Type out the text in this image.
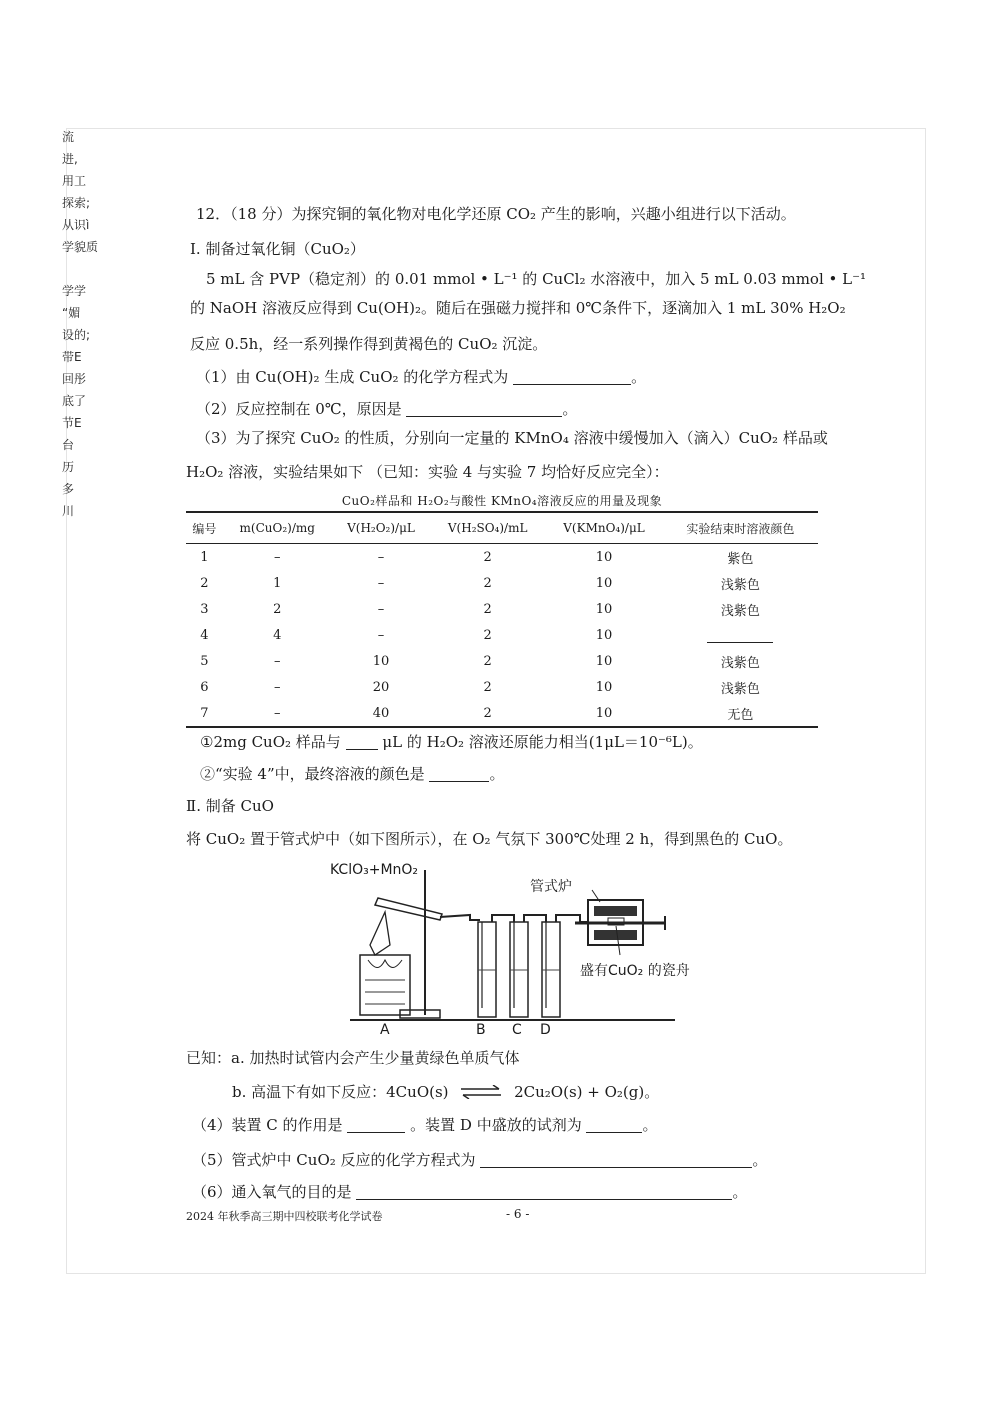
流
进,
用工
探索;
从识ì
学貌质
学学
“媚
设的;
带E
回彤
底了
节E
台
历
多
川
12．（18 分）为探究铜的氧化物对电化学还原 CO₂ 产生的影响，兴趣小组进行以下活动。
Ⅰ. 制备过氧化铜（CuO₂）
5 mL 含 PVP（稳定剂）的 0.01 mmol • L⁻¹ 的 CuCl₂ 水溶液中，加入 5 mL 0.03 mmol • L⁻¹
的 NaOH 溶液反应得到 Cu(OH)₂。随后在强磁力搅拌和 0℃条件下，逐滴加入 1 mL 30% H₂O₂
反应 0.5h，经一系列操作得到黄褐色的 CuO₂ 沉淀。
（1）由 Cu(OH)₂ 生成 CuO₂ 的化学方程式为	。
（2）反应控制在 0℃，原因是	。
（3）为了探究 CuO₂ 的性质，分别向一定量的 KMnO₄ 溶液中缓慢加入（滴入）CuO₂ 样品或
H₂O₂ 溶液，实验结果如下 （已知：实验 4 与实验 7 均恰好反应完全）：
CuO₂样品和 H₂O₂与酸性 KMnO₄溶液反应的用量及现象
编号	m(CuO₂)/mg	V(H₂O₂)/μL	V(H₂SO₄)/mL	V(KMnO₄)/μL	实验结束时溶液颜色
1	–	–	2	10	紫色
2	1	–	2	10	浅紫色
3	2	–	2	10	浅紫色
4	4	–	2	10	
5	–	10	2	10	浅紫色
6	–	20	2	10	浅紫色
7	–	40	2	10	无色
①2mg CuO₂ 样品与	μL 的 H₂O₂ 溶液还原能力相当(1μL＝10⁻⁶L)。
②“实验 4”中，最终溶液的颜色是	。
Ⅱ. 制备 CuO
将 CuO₂ 置于管式炉中（如下图所示），在 O₂ 气氛下 300℃处理 2 h，得到黑色的 CuO。
KClO₃+MnO₂
管式炉
盛有CuO₂ 的瓷舟
A	B C D
已知：a. 加热时试管内会产生少量黄绿色单质气体
b. 高温下有如下反应：4CuO(s) ⇌ 2Cu₂O(s) + O₂(g)。
（4）装置 C 的作用是	。装置 D 中盛放的试剂为	。
（5）管式炉中 CuO₂ 反应的化学方程式为	。
（6）通入氧气的目的是	。
2024 年秋季高三期中四校联考化学试卷	- 6 -
